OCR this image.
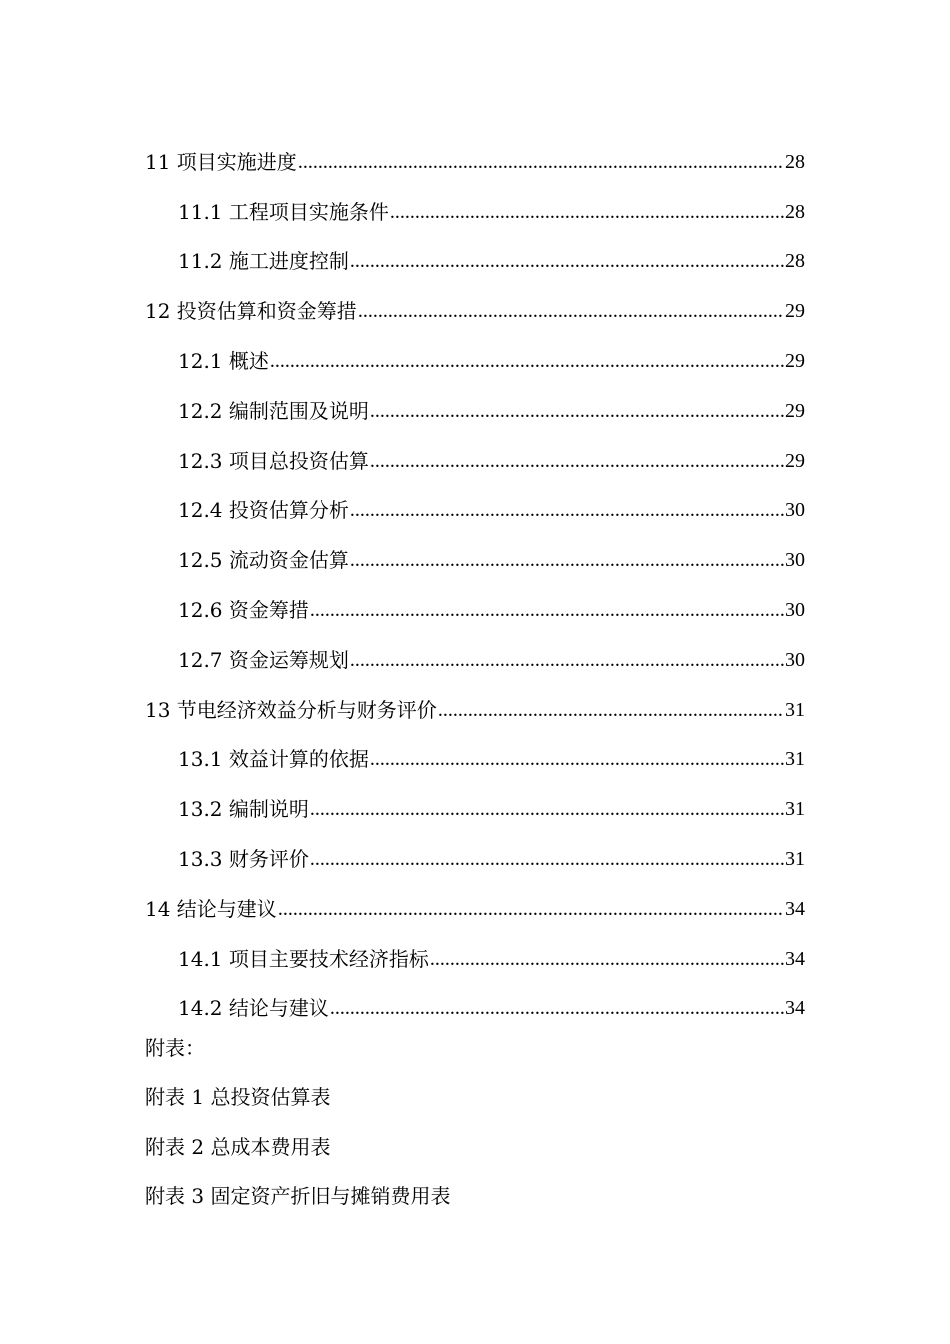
11 项目实施进度 .....	28
11.1 工程项目实施条件 .....	28
11.2 施工进度控制 .....	28
12 投资估算和资金筹措 .....	29
12.1 概述 .....	29
12.2 编制范围及说明 .....	29
12.3 项目总投资估算 .....	29
12.4 投资估算分析 .....	30
12.5 流动资金估算 .....	30
12.6 资金筹措 .....	30
12.7 资金运筹规划 .....	30
13 节电经济效益分析与财务评价 .....	31
13.1 效益计算的依据 .....	31
13.2 编制说明 .....	31
13.3 财务评价 .....	31
14 结论与建议 .....	34
14.1 项目主要技术经济指标 .....	34
14.2 结论与建议 .....	34
附表：
附表 1 总投资估算表
附表 2 总成本费用表
附表 3 固定资产折旧与摊销费用表
